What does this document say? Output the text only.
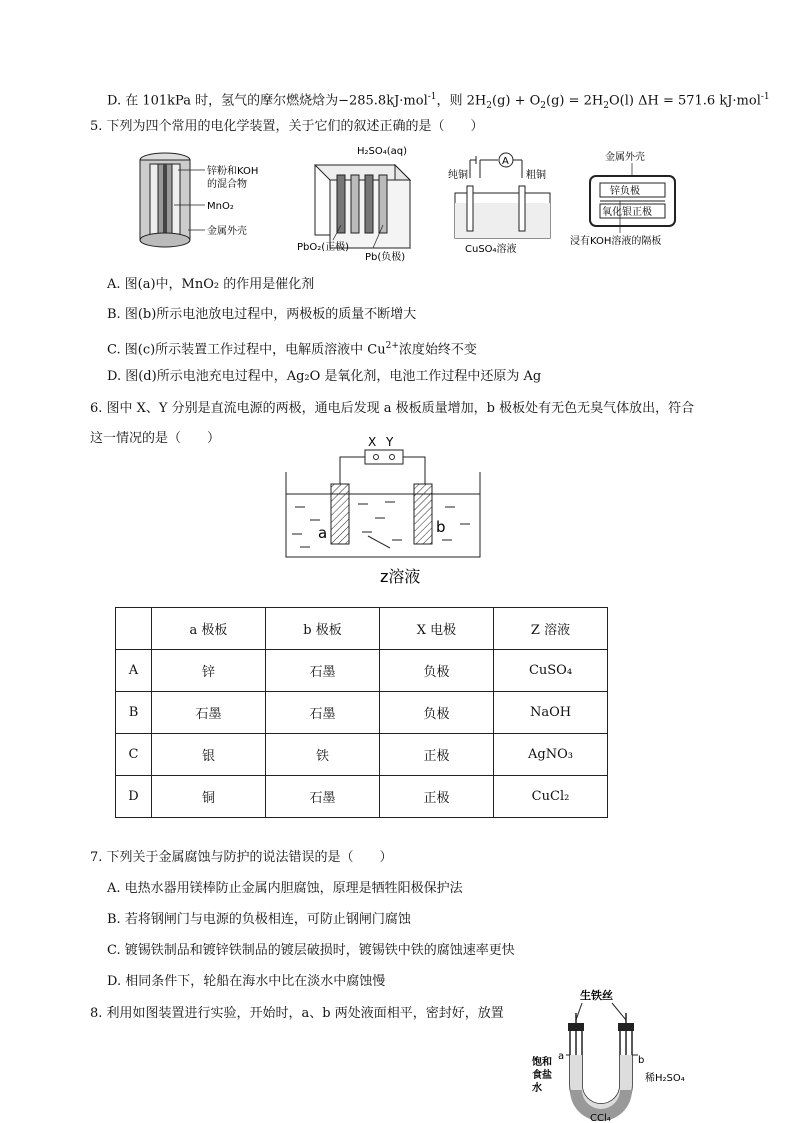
D. 在 101kPa 时，氢气的摩尔燃烧焓为−285.8kJ·mol$^{-1}$，则 $2H_2(g) + O_2(g) = 2H_2O(l) \Delta H = 571.6$ kJ·mol$^{-1}$
5. 下列为四个常用的电化学装置，关于它们的叙述正确的是（　　）
锌粉和KOH
的混合物
MnO₂
金属外壳
H₂SO₄(aq)
PbO₂(正极)
Pb(负极)
A
纯铜	粗铜
CuSO₄溶液
金属外壳
锌负极
氧化银正极
浸有KOH溶液的隔板
A. 图(a)中，MnO₂ 的作用是催化剂
B. 图(b)所示电池放电过程中，两极板的质量不断增大
C. 图(c)所示装置工作过程中，电解质溶液中 $Cu^{2+}$浓度始终不变
D. 图(d)所示电池充电过程中，Ag₂O 是氧化剂，电池工作过程中还原为 Ag
6. 图中 X、Y 分别是直流电源的两极，通电后发现 a 极板质量增加，b 极板处有无色无臭气体放出，符合
这一情况的是（　　）	X Y
a	b
z溶液
	a 极板	b 极板	X 电极	Z 溶液
A	锌	石墨	负极	CuSO₄
B	石墨	石墨	负极	NaOH
C	银	铁	正极	AgNO₃
D	铜	石墨	正极	CuCl₂
7. 下列关于金属腐蚀与防护的说法错误的是（　　）
A. 电热水器用镁棒防止金属内胆腐蚀，原理是牺牲阳极保护法
B. 若将钢闸门与电源的负极相连，可防止钢闸门腐蚀
C. 镀锡铁制品和镀锌铁制品的镀层破损时，镀锡铁中铁的腐蚀速率更快
D. 相同条件下，轮船在海水中比在淡水中腐蚀慢
8. 利用如图装置进行实验，开始时，a、b 两处液面相平，密封好，放置
生铁丝
a	b
饱和
食盐
水
稀H₂SO₄
CCl₄
